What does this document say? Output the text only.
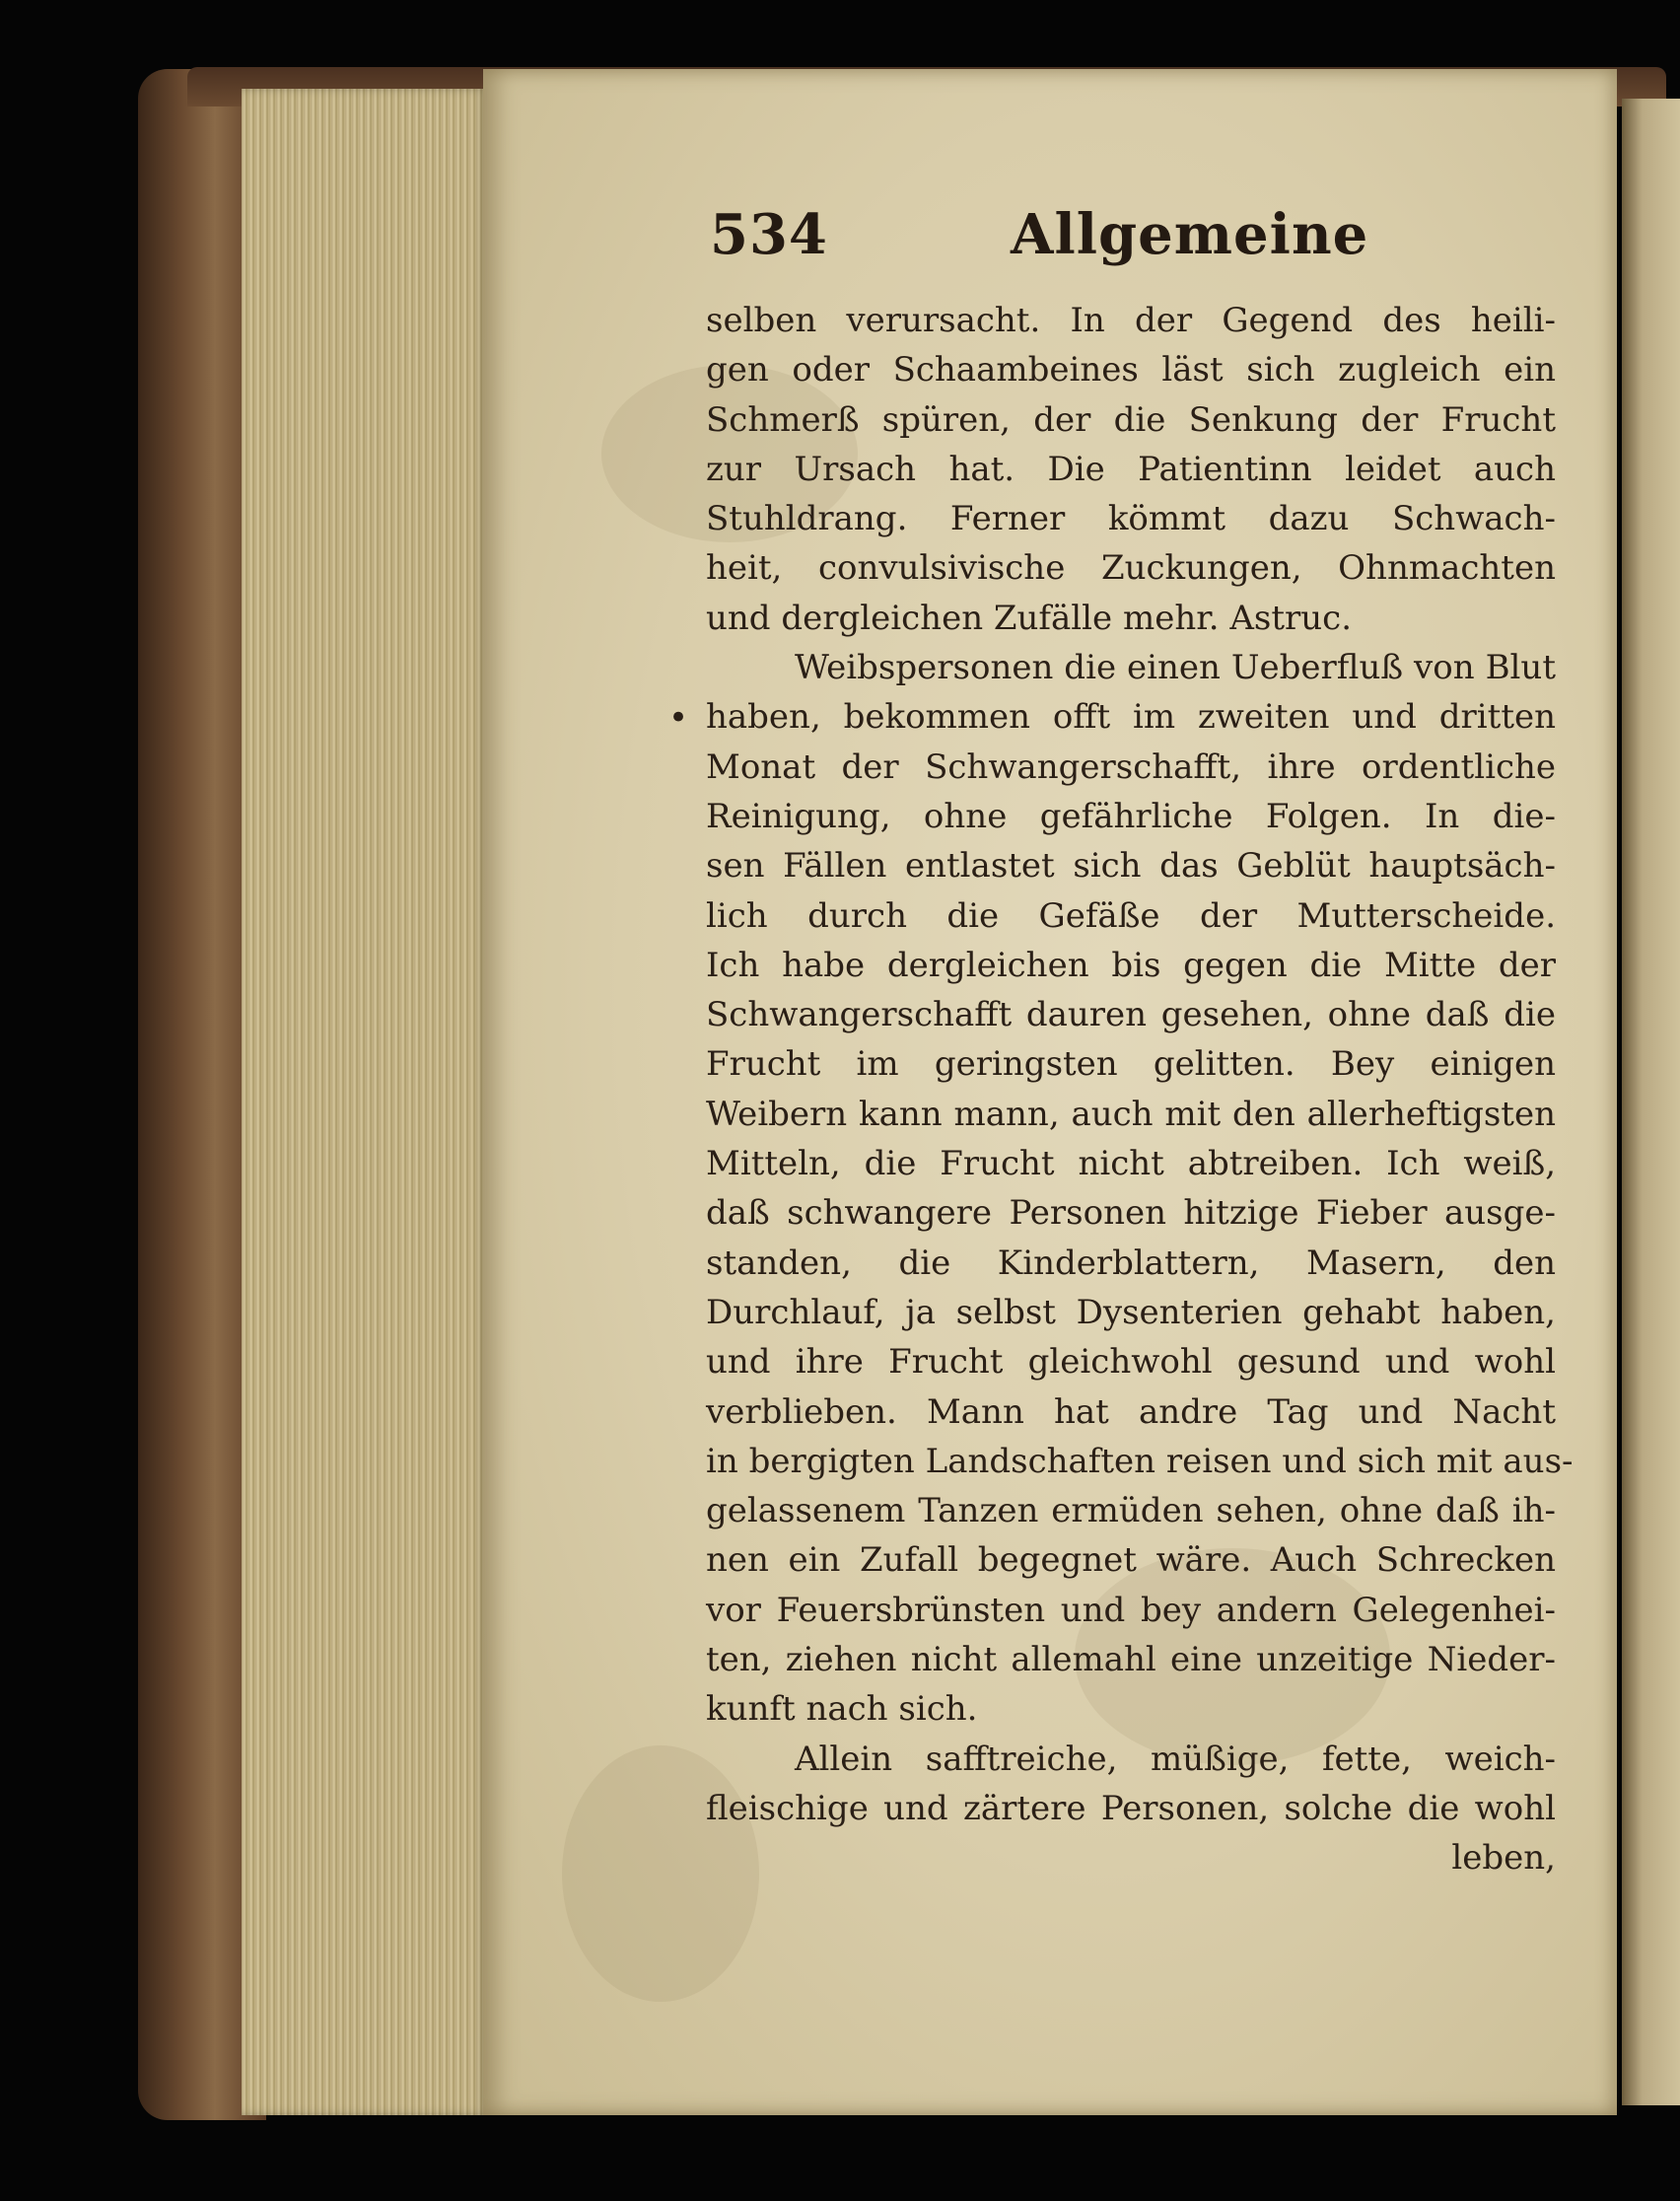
534	Allgemeine
•
selben verursacht. In der Gegend des heili-
gen oder Schaambeines läst sich zugleich ein
Schmerß spüren, der die Senkung der Frucht
zur Ursach hat. Die Patientinn leidet auch
Stuhldrang. Ferner kömmt dazu Schwach-
heit, convulsivische Zuckungen, Ohnmachten
und dergleichen Zufälle mehr. Astruc.
Weibspersonen die einen Ueberfluß von Blut
haben, bekommen offt im zweiten und dritten
Monat der Schwangerschafft, ihre ordentliche
Reinigung, ohne gefährliche Folgen. In die-
sen Fällen entlastet sich das Geblüt hauptsäch-
lich durch die Gefäße der Mutterscheide.
Ich habe dergleichen bis gegen die Mitte der
Schwangerschafft dauren gesehen, ohne daß die
Frucht im geringsten gelitten. Bey einigen
Weibern kann mann, auch mit den allerheftigsten
Mitteln, die Frucht nicht abtreiben. Ich weiß,
daß schwangere Personen hitzige Fieber ausge-
standen, die Kinderblattern, Masern, den
Durchlauf, ja selbst Dysenterien gehabt haben,
und ihre Frucht gleichwohl gesund und wohl
verblieben. Mann hat andre Tag und Nacht
in bergigten Landschaften reisen und sich mit aus-
gelassenem Tanzen ermüden sehen, ohne daß ih-
nen ein Zufall begegnet wäre. Auch Schrecken
vor Feuersbrünsten und bey andern Gelegenhei-
ten, ziehen nicht allemahl eine unzeitige Nieder-
kunft nach sich.
Allein safftreiche, müßige, fette, weich-
fleischige und zärtere Personen, solche die wohl
leben,
